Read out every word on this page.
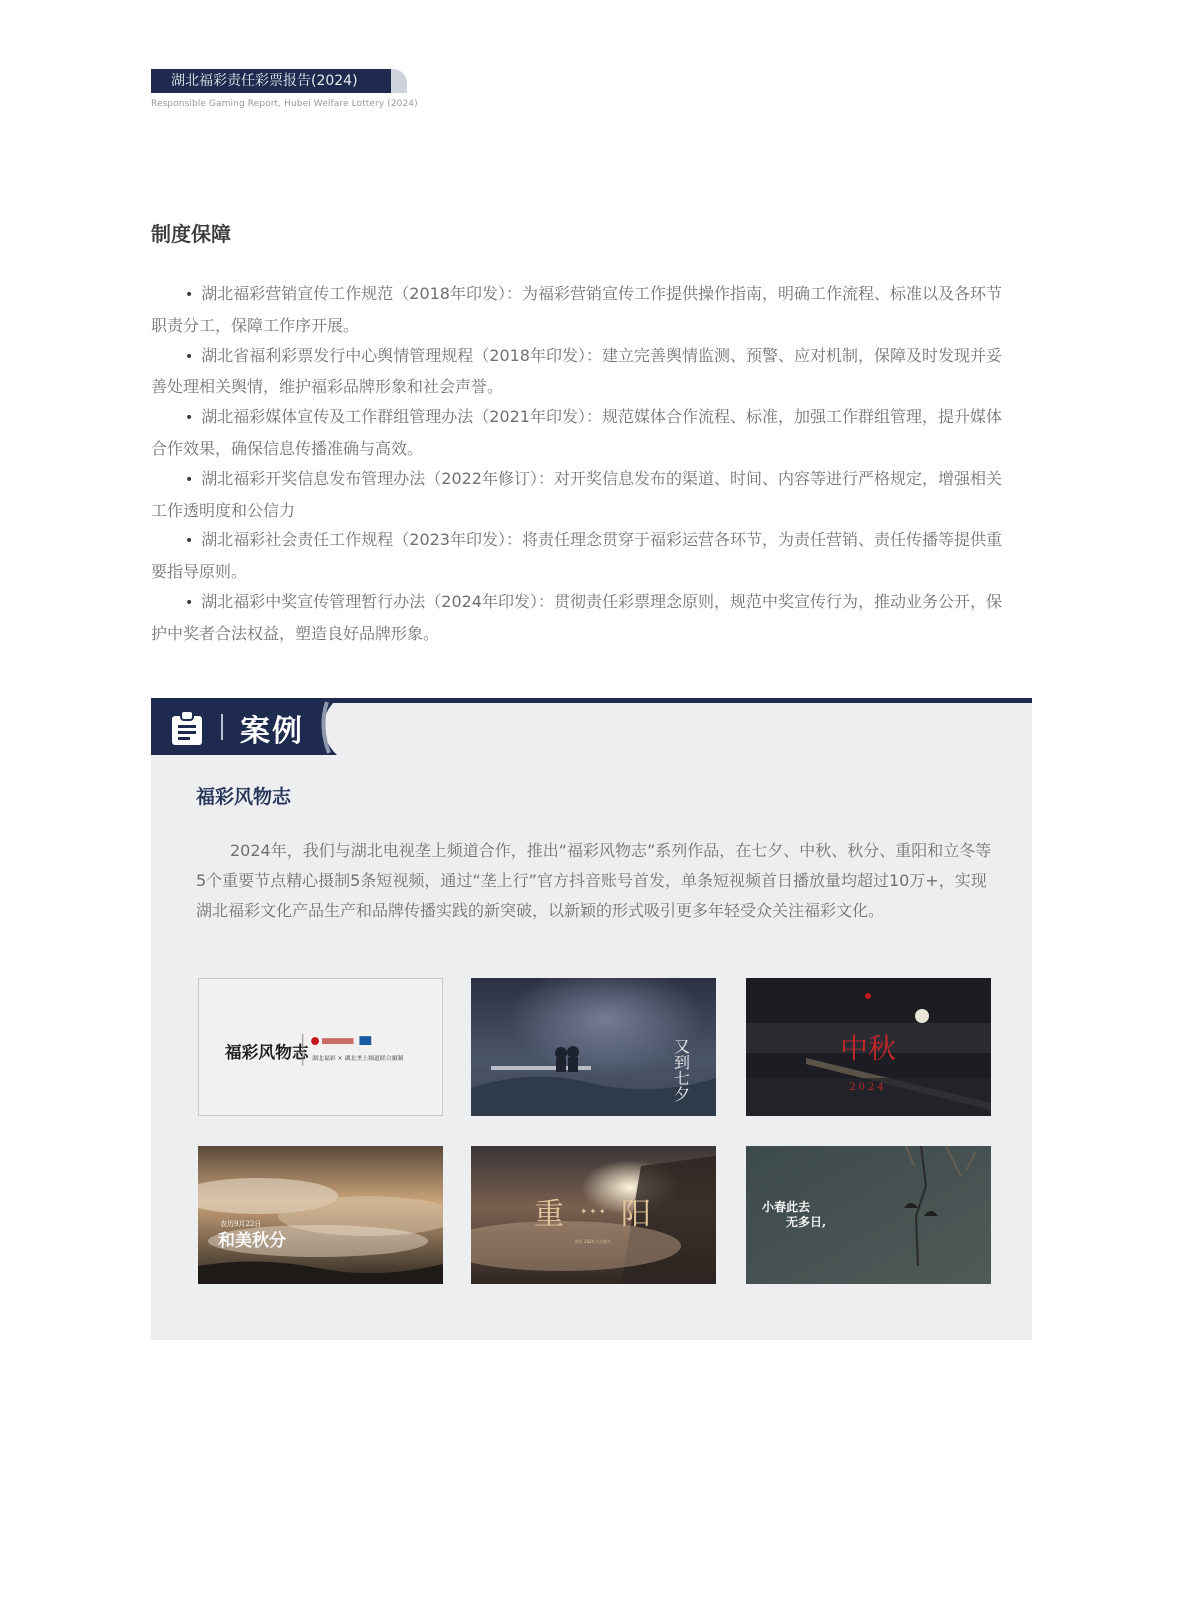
湖北福彩责任彩票报告(2024)
Responsible Gaming Report, Hubei Welfare Lottery (2024)
制度保障

• 湖北福彩营销宣传工作规范（2018年印发）：为福彩营销宣传工作提供操作指南，明确工作流程、标准以及各环节职责分工，保障工作序开展。

• 湖北省福利彩票发行中心舆情管理规程（2018年印发）：建立完善舆情监测、预警、应对机制，保障及时发现并妥善处理相关舆情，维护福彩品牌形象和社会声誉。

• 湖北福彩媒体宣传及工作群组管理办法（2021年印发）：规范媒体合作流程、标准，加强工作群组管理，提升媒体合作效果，确保信息传播准确与高效。

• 湖北福彩开奖信息发布管理办法（2022年修订）：对开奖信息发布的渠道、时间、内容等进行严格规定，增强相关工作透明度和公信力

• 湖北福彩社会责任工作规程（2023年印发）：将责任理念贯穿于福彩运营各环节，为责任营销、责任传播等提供重要指导原则。

• 湖北福彩中奖宣传管理暂行办法（2024年印发）：贯彻责任彩票理念原则，规范中奖宣传行为，推动业务公开，保护中奖者合法权益，塑造良好品牌形象。

案例
福彩风物志

2024年，我们与湖北电视垄上频道合作，推出“福彩风物志”系列作品，在七夕、中秋、秋分、重阳和立冬等5个重要节点精心摄制5条短视频，通过“垄上行”官方抖音账号首发，单条短视频首日播放量均超过10万+，实现湖北福彩文化产品生产和品牌传播实践的新突破，以新颖的形式吸引更多年轻受众关注福彩文化。

福彩风物志 湖北福彩 × 湖北垄上频道联合摄制	又到七夕	中秋
2024
农历9月22日
和美秋分
重 阳
✦ ✦ ✦
农历 2024 九月初九
小春此去
无多日,
